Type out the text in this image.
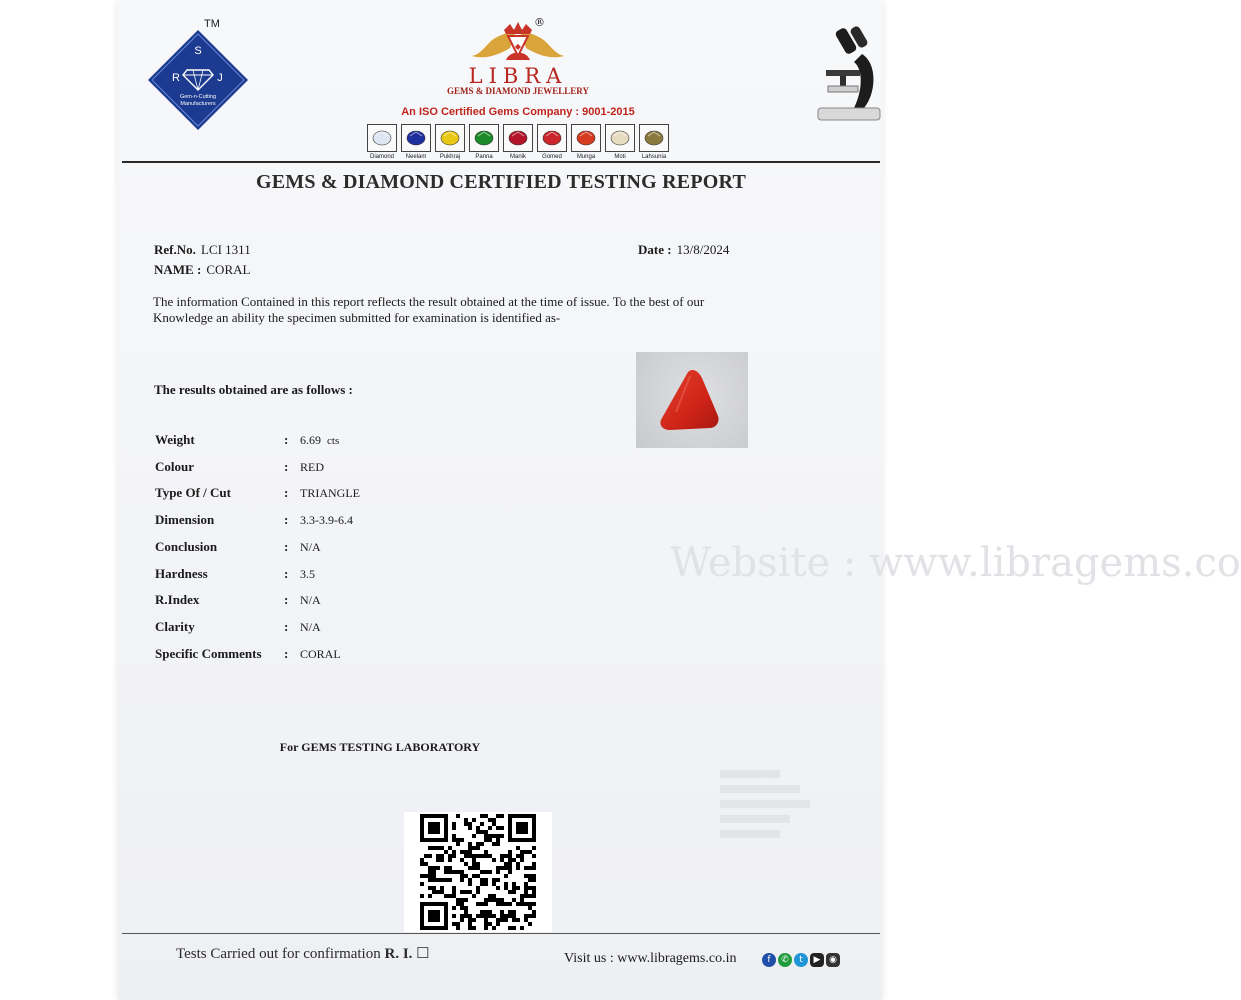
Website : www.libragems.co
S
R	J
Gem-n-Cutting
Manufacturers
TM
◆
®
LIBRA
GEMS & DIAMOND JEWELLERY
An ISO Certified Gems Company : 9001-2015
Diamond Neelam Pukhraj	Panna	Manik	Gomed Munga	Moti	Lahsunia
GEMS & DIAMOND CERTIFIED TESTING REPORT
Ref.No. LCI 1311
NAME : CORAL
Date : 13/8/2024
The information Contained in this report reflects the result obtained at the time of issue. To the best of our
Knowledge an ability the specimen submitted for examination is identified as-
The results obtained are as follows :
Weight	: 6.69 cts
Colour	: RED
Type Of / Cut	: TRIANGLE
Dimension	: 3.3-3.9-6.4
Conclusion	: N/A
Hardness	: 3.5
R.Index	: N/A
Clarity	: N/A
Specific Comments : CORAL
For GEMS TESTING LABORATORY
Tests Carried out for confirmation R. I. ☐	Visit us : www.libragems.co.in	f	✆	t	▶ ◉
